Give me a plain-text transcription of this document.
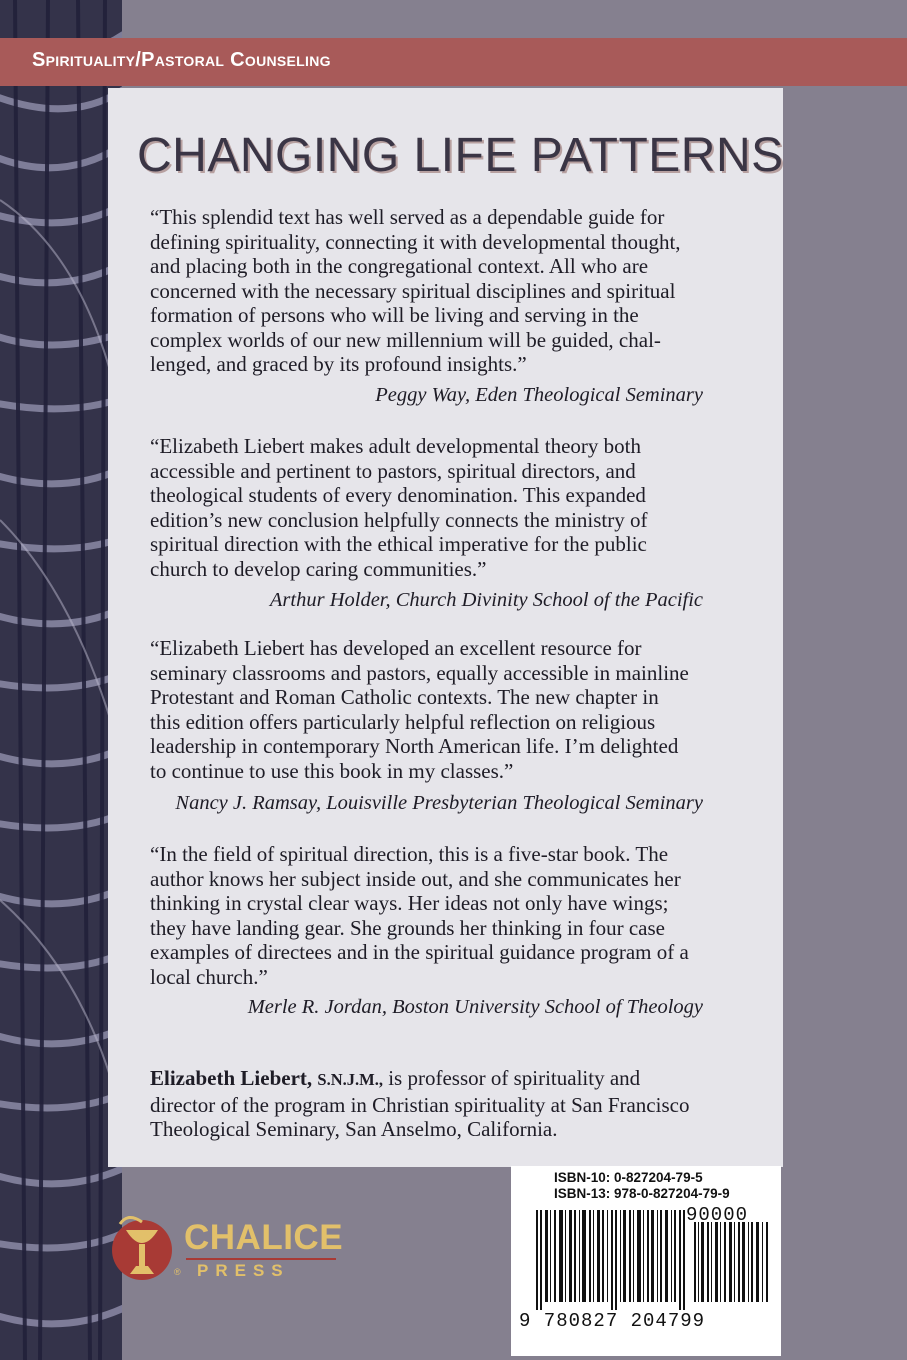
Spirituality/Pastoral Counseling
CHANGING LIFE PATTERNS
“This splendid text has well served as a dependable guide for
defining spirituality, connecting it with developmental thought,
and placing both in the congregational context. All who are
concerned with the necessary spiritual disciplines and spiritual
formation of persons who will be living and serving in the
complex worlds of our new millennium will be guided, chal-
lenged, and graced by its profound insights.”
Peggy Way, Eden Theological Seminary
“Elizabeth Liebert makes adult developmental theory both
accessible and pertinent to pastors, spiritual directors, and
theological students of every denomination. This expanded
edition’s new conclusion helpfully connects the ministry of
spiritual direction with the ethical imperative for the public
church to develop caring communities.”
Arthur Holder, Church Divinity School of the Pacific
“Elizabeth Liebert has developed an excellent resource for
seminary classrooms and pastors, equally accessible in mainline
Protestant and Roman Catholic contexts. The new chapter in
this edition offers particularly helpful reflection on religious
leadership in contemporary North American life. I’m delighted
to continue to use this book in my classes.”
Nancy J. Ramsay, Louisville Presbyterian Theological Seminary
“In the field of spiritual direction, this is a five-star book. The
author knows her subject inside out, and she communicates her
thinking in crystal clear ways. Her ideas not only have wings;
they have landing gear. She grounds her thinking in four case
examples of directees and in the spiritual guidance program of a
local church.”
Merle R. Jordan, Boston University School of Theology
Elizabeth Liebert, S.N.J.M., is professor of spirituality and
director of the program in Christian spirituality at San Francisco
Theological Seminary, San Anselmo, California.
ISBN-10: 0-827204-79-5
ISBN-13: 978-0-827204-79-9
90000
9 780827 204799
CHALICE
PRESS
®
